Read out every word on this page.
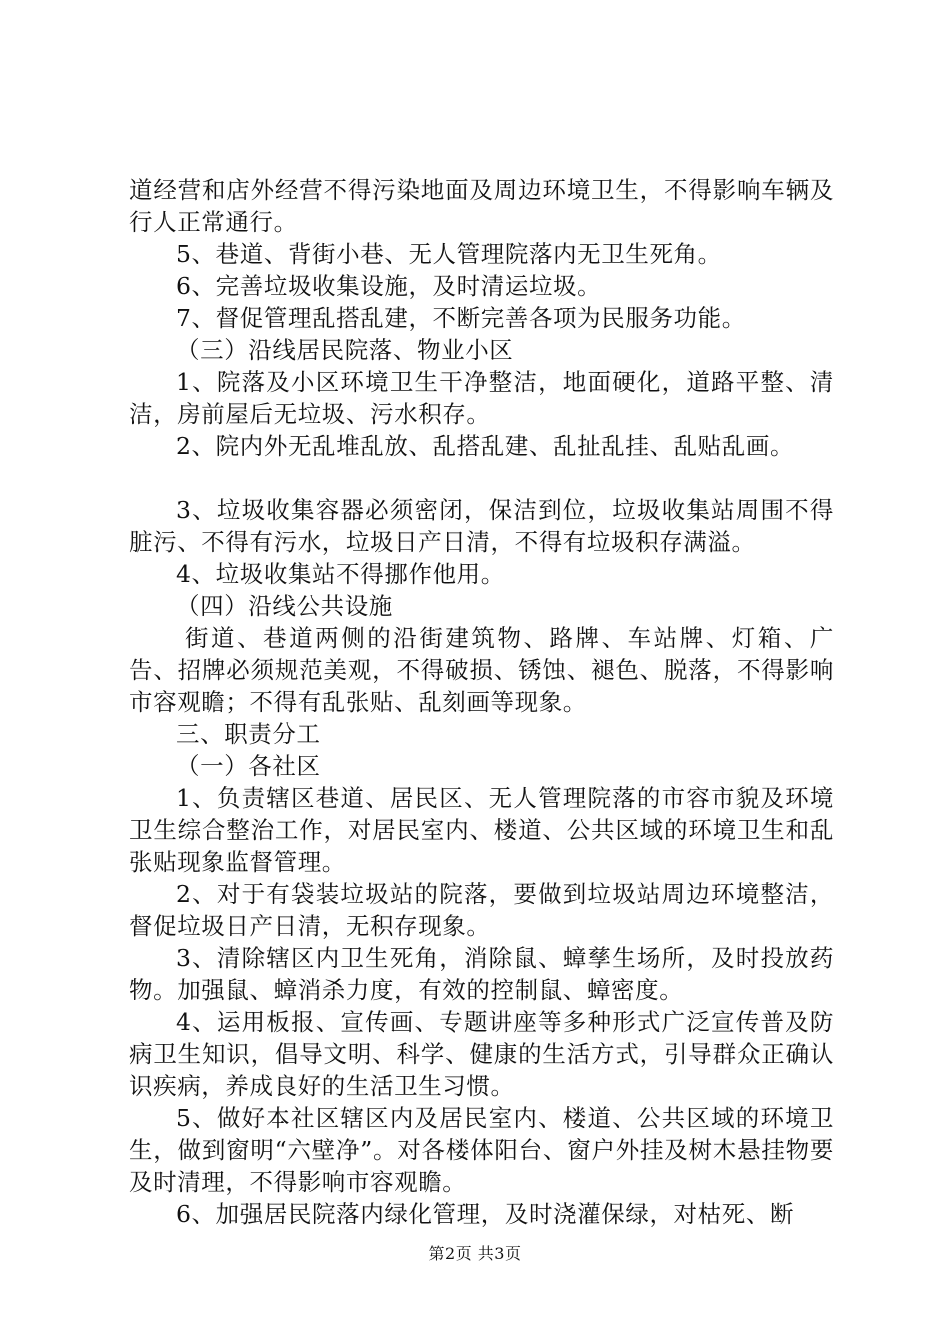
道经营和店外经营不得污染地面及周边环境卫生，不得影响车辆及行人正常通行。

5、巷道、背街小巷、无人管理院落内无卫生死角。

6、完善垃圾收集设施，及时清运垃圾。

7、督促管理乱搭乱建，不断完善各项为民服务功能。

（三）沿线居民院落、物业小区

1、院落及小区环境卫生干净整洁，地面硬化，道路平整、清洁，房前屋后无垃圾、污水积存。

2、院内外无乱堆乱放、乱搭乱建、乱扯乱挂、乱贴乱画。

3、垃圾收集容器必须密闭，保洁到位，垃圾收集站周围不得脏污、不得有污水，垃圾日产日清，不得有垃圾积存满溢。

4、垃圾收集站不得挪作他用。

（四）沿线公共设施

街道、巷道两侧的沿街建筑物、路牌、车站牌、灯箱、广告、招牌必须规范美观，不得破损、锈蚀、褪色、脱落，不得影响市容观瞻；不得有乱张贴、乱刻画等现象。

三、职责分工

（一）各社区

1、负责辖区巷道、居民区、无人管理院落的市容市貌及环境卫生综合整治工作，对居民室内、楼道、公共区域的环境卫生和乱张贴现象监督管理。

2、对于有袋装垃圾站的院落，要做到垃圾站周边环境整洁，督促垃圾日产日清，无积存现象。

3、清除辖区内卫生死角，消除鼠、蟑孳生场所，及时投放药物。加强鼠、蟑消杀力度，有效的控制鼠、蟑密度。

4、运用板报、宣传画、专题讲座等多种形式广泛宣传普及防病卫生知识，倡导文明、科学、健康的生活方式，引导群众正确认识疾病，养成良好的生活卫生习惯。

5、做好本社区辖区内及居民室内、楼道、公共区域的环境卫生，做到窗明“六壁净”。对各楼体阳台、窗户外挂及树木悬挂物要及时清理，不得影响市容观瞻。

6、加强居民院落内绿化管理，及时浇灌保绿，对枯死、断

第2页 共3页
